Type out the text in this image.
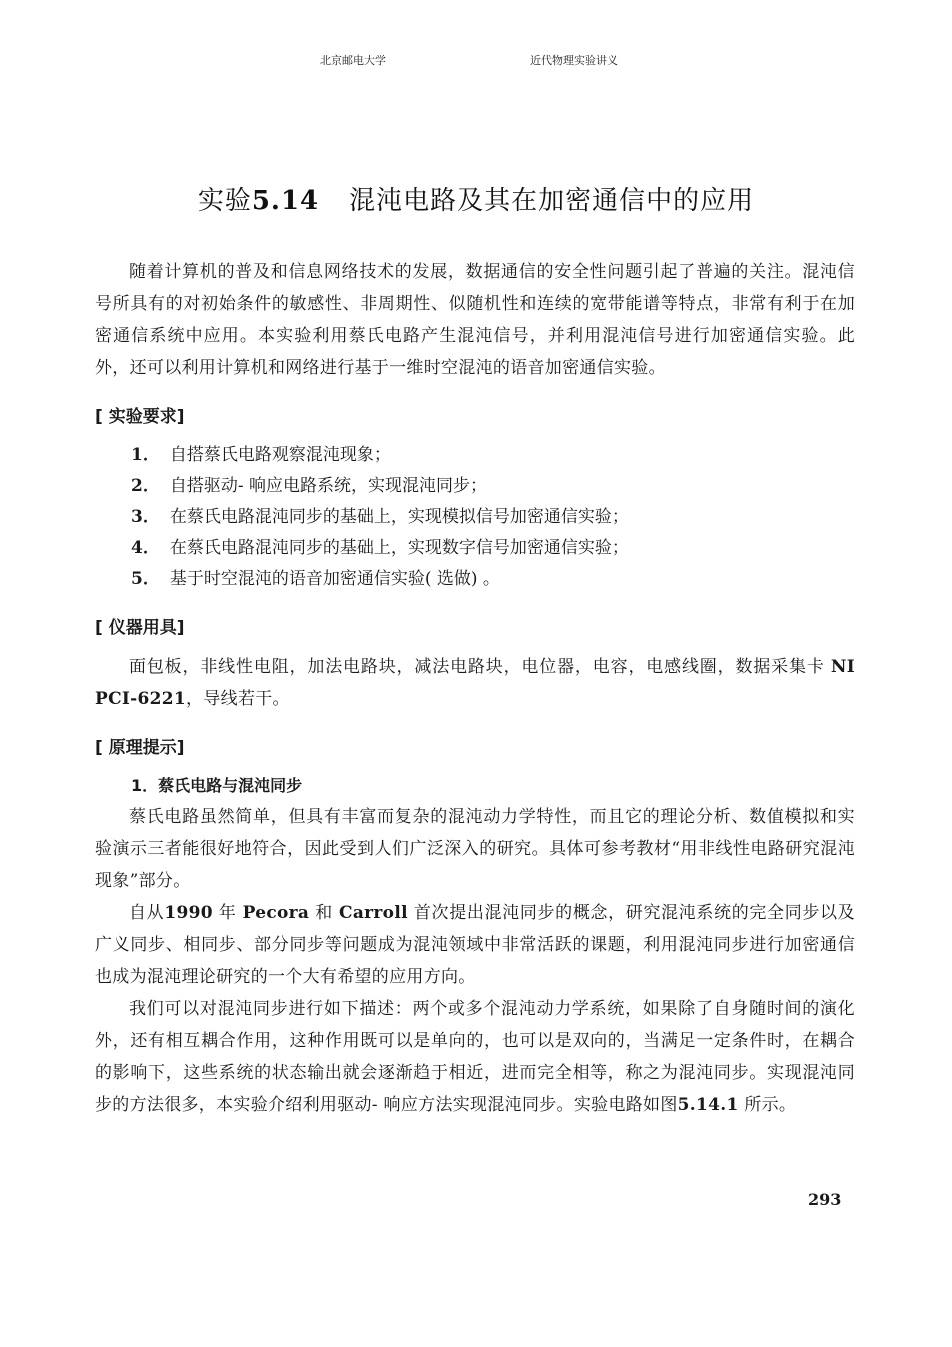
北京邮电大学	近代物理实验讲义
实验5.14 混沌电路及其在加密通信中的应用

随着计算机的普及和信息网络技术的发展，数据通信的安全性问题引起了普遍的关注。混沌信号所具有的对初始条件的敏感性、非周期性、似随机性和连续的宽带能谱等特点，非常有利于在加密通信系统中应用。本实验利用蔡氏电路产生混沌信号，并利用混沌信号进行加密通信实验。此外，还可以利用计算机和网络进行基于一维时空混沌的语音加密通信实验。

[ 实验要求]
1． 自搭蔡氏电路观察混沌现象；
2． 自搭驱动- 响应电路系统，实现混沌同步；
3． 在蔡氏电路混沌同步的基础上，实现模拟信号加密通信实验；
4． 在蔡氏电路混沌同步的基础上，实现数字信号加密通信实验；
5． 基于时空混沌的语音加密通信实验( 选做) 。
[ 仪器用具]

面包板，非线性电阻，加法电路块，减法电路块，电位器，电容，电感线圈，数据采集卡 NI PCI-6221，导线若干。

[ 原理提示]
1．蔡氏电路与混沌同步

蔡氏电路虽然简单，但具有丰富而复杂的混沌动力学特性，而且它的理论分析、数值模拟和实验演示三者能很好地符合，因此受到人们广泛深入的研究。具体可参考教材“用非线性电路研究混沌现象”部分。

自从1990 年 Pecora 和 Carroll 首次提出混沌同步的概念，研究混沌系统的完全同步以及广义同步、相同步、部分同步等问题成为混沌领域中非常活跃的课题，利用混沌同步进行加密通信也成为混沌理论研究的一个大有希望的应用方向。

我们可以对混沌同步进行如下描述：两个或多个混沌动力学系统，如果除了自身随时间的演化外，还有相互耦合作用，这种作用既可以是单向的，也可以是双向的，当满足一定条件时，在耦合的影响下，这些系统的状态输出就会逐渐趋于相近，进而完全相等，称之为混沌同步。实现混沌同步的方法很多，本实验介绍利用驱动- 响应方法实现混沌同步。实验电路如图5.14.1 所示。

293
